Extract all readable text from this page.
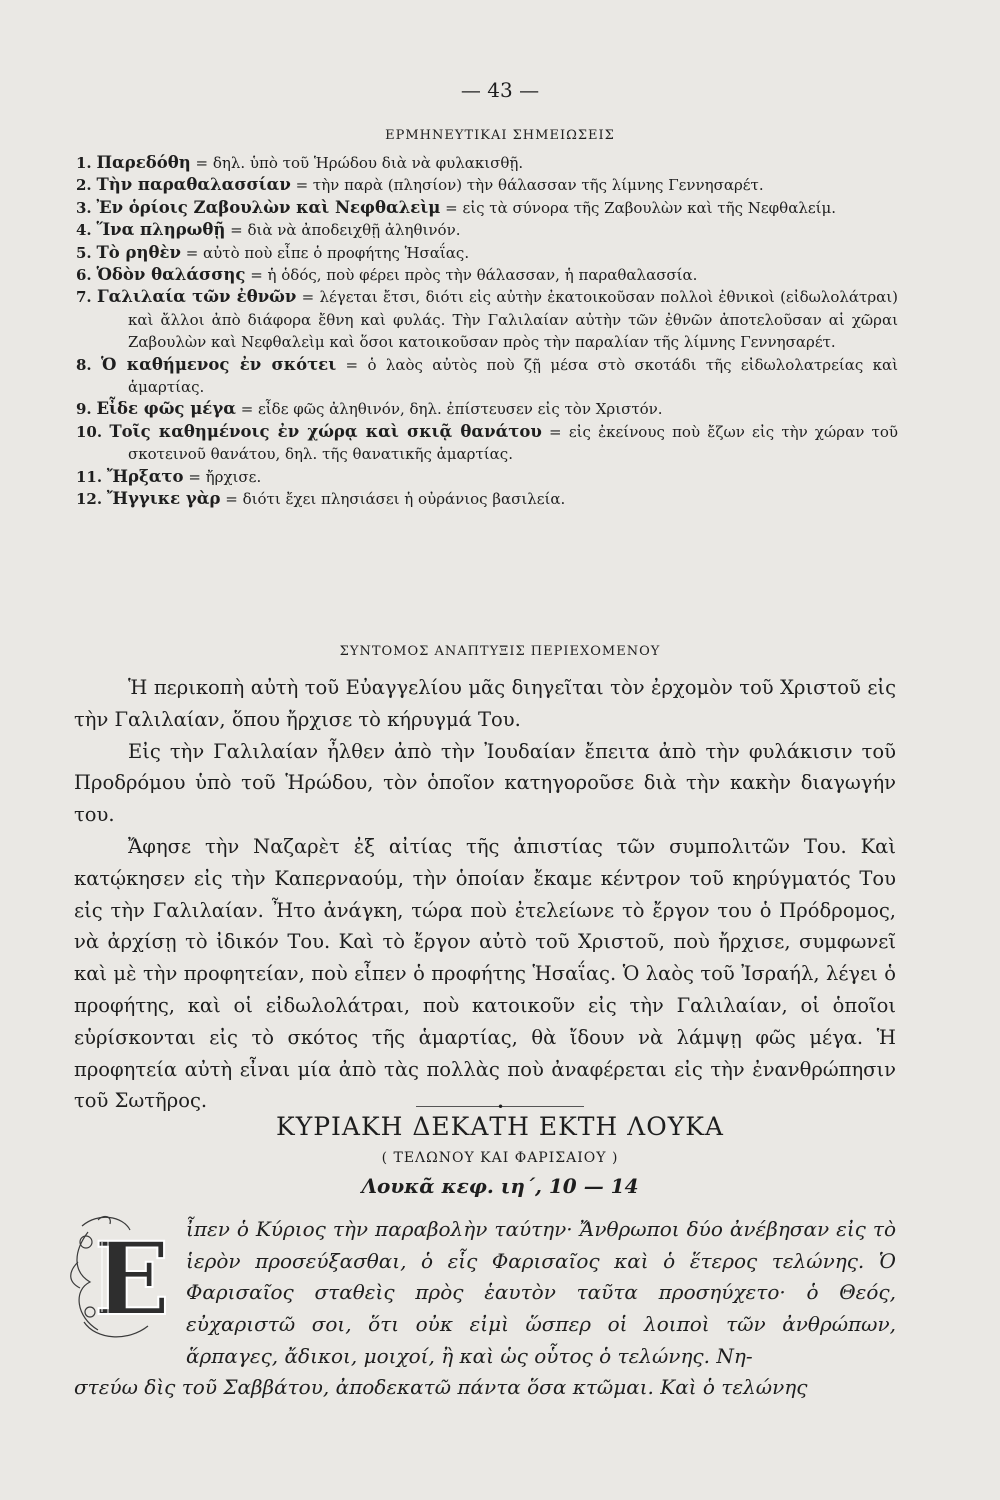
— 43 —
ΕΡΜΗΝΕΥΤΙΚΑΙ ΣΗΜΕΙΩΣΕΙΣ

1. Παρεδόθη = δηλ. ὑπὸ τοῦ Ἡρώδου διὰ νὰ φυλακισθῇ.

2. Τὴν παραθαλασσίαν = τὴν παρὰ (πλησίον) τὴν θάλασσαν τῆς λίμνης Γεννησαρέτ.

3. Ἐν ὁρίοις Ζαβουλὼν καὶ Νεφθαλεὶμ = εἰς τὰ σύνορα τῆς Ζαβουλὼν καὶ τῆς Νεφθαλείμ.

4. Ἵνα πληρωθῇ = διὰ νὰ ἀποδειχθῇ ἀληθινόν.

5. Τὸ ρηθὲν = αὐτὸ ποὺ εἶπε ὁ προφήτης Ἡσαΐας.

6. Ὁδὸν θαλάσσης = ἡ ὁδός, ποὺ φέρει πρὸς τὴν θάλασσαν, ἡ παραθαλασσία.

7. Γαλιλαία τῶν ἐθνῶν = λέγεται ἔτσι, διότι εἰς αὐτὴν ἐκατοικοῦσαν πολλοὶ ἐθνικοὶ (εἰδωλολάτραι) καὶ ἄλλοι ἀπὸ διάφορα ἔθνη καὶ φυλάς. Τὴν Γαλιλαίαν αὐτὴν τῶν ἐθνῶν ἀποτελοῦσαν αἱ χῶραι Ζαβουλὼν καὶ Νεφθαλεὶμ καὶ ὅσοι κατοικοῦσαν πρὸς τὴν παραλίαν τῆς λίμνης Γεννησαρέτ.

8. Ὁ καθήμενος ἐν σκότει = ὁ λαὸς αὐτὸς ποὺ ζῇ μέσα στὸ σκοτάδι τῆς εἰδωλολατρείας καὶ ἁμαρτίας.

9. Εἶδε φῶς μέγα = εἶδε φῶς ἀληθινόν, δηλ. ἐπίστευσεν εἰς τὸν Χριστόν.

10. Τοῖς καθημένοις ἐν χώρᾳ καὶ σκιᾷ θανάτου = εἰς ἐκείνους ποὺ ἔζων εἰς τὴν χώραν τοῦ σκοτεινοῦ θανάτου, δηλ. τῆς θανατικῆς ἁμαρτίας.

11. Ἤρξατο = ἤρχισε.

12. Ἤγγικε γὰρ = διότι ἔχει πλησιάσει ἡ οὐράνιος βασιλεία.

ΣΥΝΤΟΜΟΣ ΑΝΑΠΤΥΞΙΣ ΠΕΡΙΕΧΟΜΕΝΟΥ

Ἡ περικοπὴ αὐτὴ τοῦ Εὐαγγελίου μᾶς διηγεῖται τὸν ἐρχομὸν τοῦ Χριστοῦ εἰς τὴν Γαλιλαίαν, ὅπου ἤρχισε τὸ κήρυγμά Του.

Εἰς τὴν Γαλιλαίαν ἦλθεν ἀπὸ τὴν Ἰουδαίαν ἔπειτα ἀπὸ τὴν φυλάκισιν τοῦ Προδρόμου ὑπὸ τοῦ Ἡρώδου, τὸν ὁποῖον κατηγοροῦσε διὰ τὴν κακὴν διαγωγήν του.

Ἄφησε τὴν Ναζαρὲτ ἐξ αἰτίας τῆς ἀπιστίας τῶν συμπολιτῶν Του. Καὶ κατῴκησεν εἰς τὴν Καπερναούμ, τὴν ὁποίαν ἔκαμε κέντρον τοῦ κηρύγματός Του εἰς τὴν Γαλιλαίαν. Ἦτο ἀνάγκη, τώρα ποὺ ἐτελείωνε τὸ ἔργον του ὁ Πρόδρομος, νὰ ἀρχίσῃ τὸ ἰδικόν Του. Καὶ τὸ ἔργον αὐτὸ τοῦ Χριστοῦ, ποὺ ἤρχισε, συμφωνεῖ καὶ μὲ τὴν προφητείαν, ποὺ εἶπεν ὁ προφήτης Ἡσαΐας. Ὁ λαὸς τοῦ Ἰσραήλ, λέγει ὁ προφήτης, καὶ οἱ εἰδωλολάτραι, ποὺ κατοικοῦν εἰς τὴν Γαλιλαίαν, οἱ ὁποῖοι εὑρίσκονται εἰς τὸ σκότος τῆς ἁμαρτίας, θὰ ἴδουν νὰ λάμψῃ φῶς μέγα. Ἡ προφητεία αὐτὴ εἶναι μία ἀπὸ τὰς πολλὰς ποὺ ἀναφέρεται εἰς τὴν ἐνανθρώπησιν τοῦ Σωτῆρος.	•
ΚΥΡΙΑΚΗ ΔΕΚΑΤΗ ΕΚΤΗ ΛΟΥΚΑ
( ΤΕΛΩΝΟΥ ΚΑΙ ΦΑΡΙΣΑΙΟΥ )
Λουκᾶ κεφ. ιη΄, 10 — 14
Ε ἶπεν ὁ Κύριος τὴν παραβολὴν ταύτην· Ἄνθρωποι δύο ἀνέβησαν εἰς τὸ ἱερὸν προσεύξασθαι, ὁ εἷς Φαρισαῖος καὶ ὁ ἕτερος τελώνης. Ὁ Φαρισαῖος σταθεὶς πρὸς ἑαυτὸν ταῦτα προσηύχετο· ὁ Θεός, εὐχαριστῶ σοι, ὅτι οὐκ εἰμὶ ὥσπερ οἱ λοιποὶ τῶν ἀνθρώπων, ἅρπαγες, ἄδικοι, μοιχοί, ἢ καὶ ὡς οὗτος ὁ τελώνης. Νη-
στεύω δὶς τοῦ Σαββάτου, ἀποδεκατῶ πάντα ὅσα κτῶμαι. Καὶ ὁ τελώνης
